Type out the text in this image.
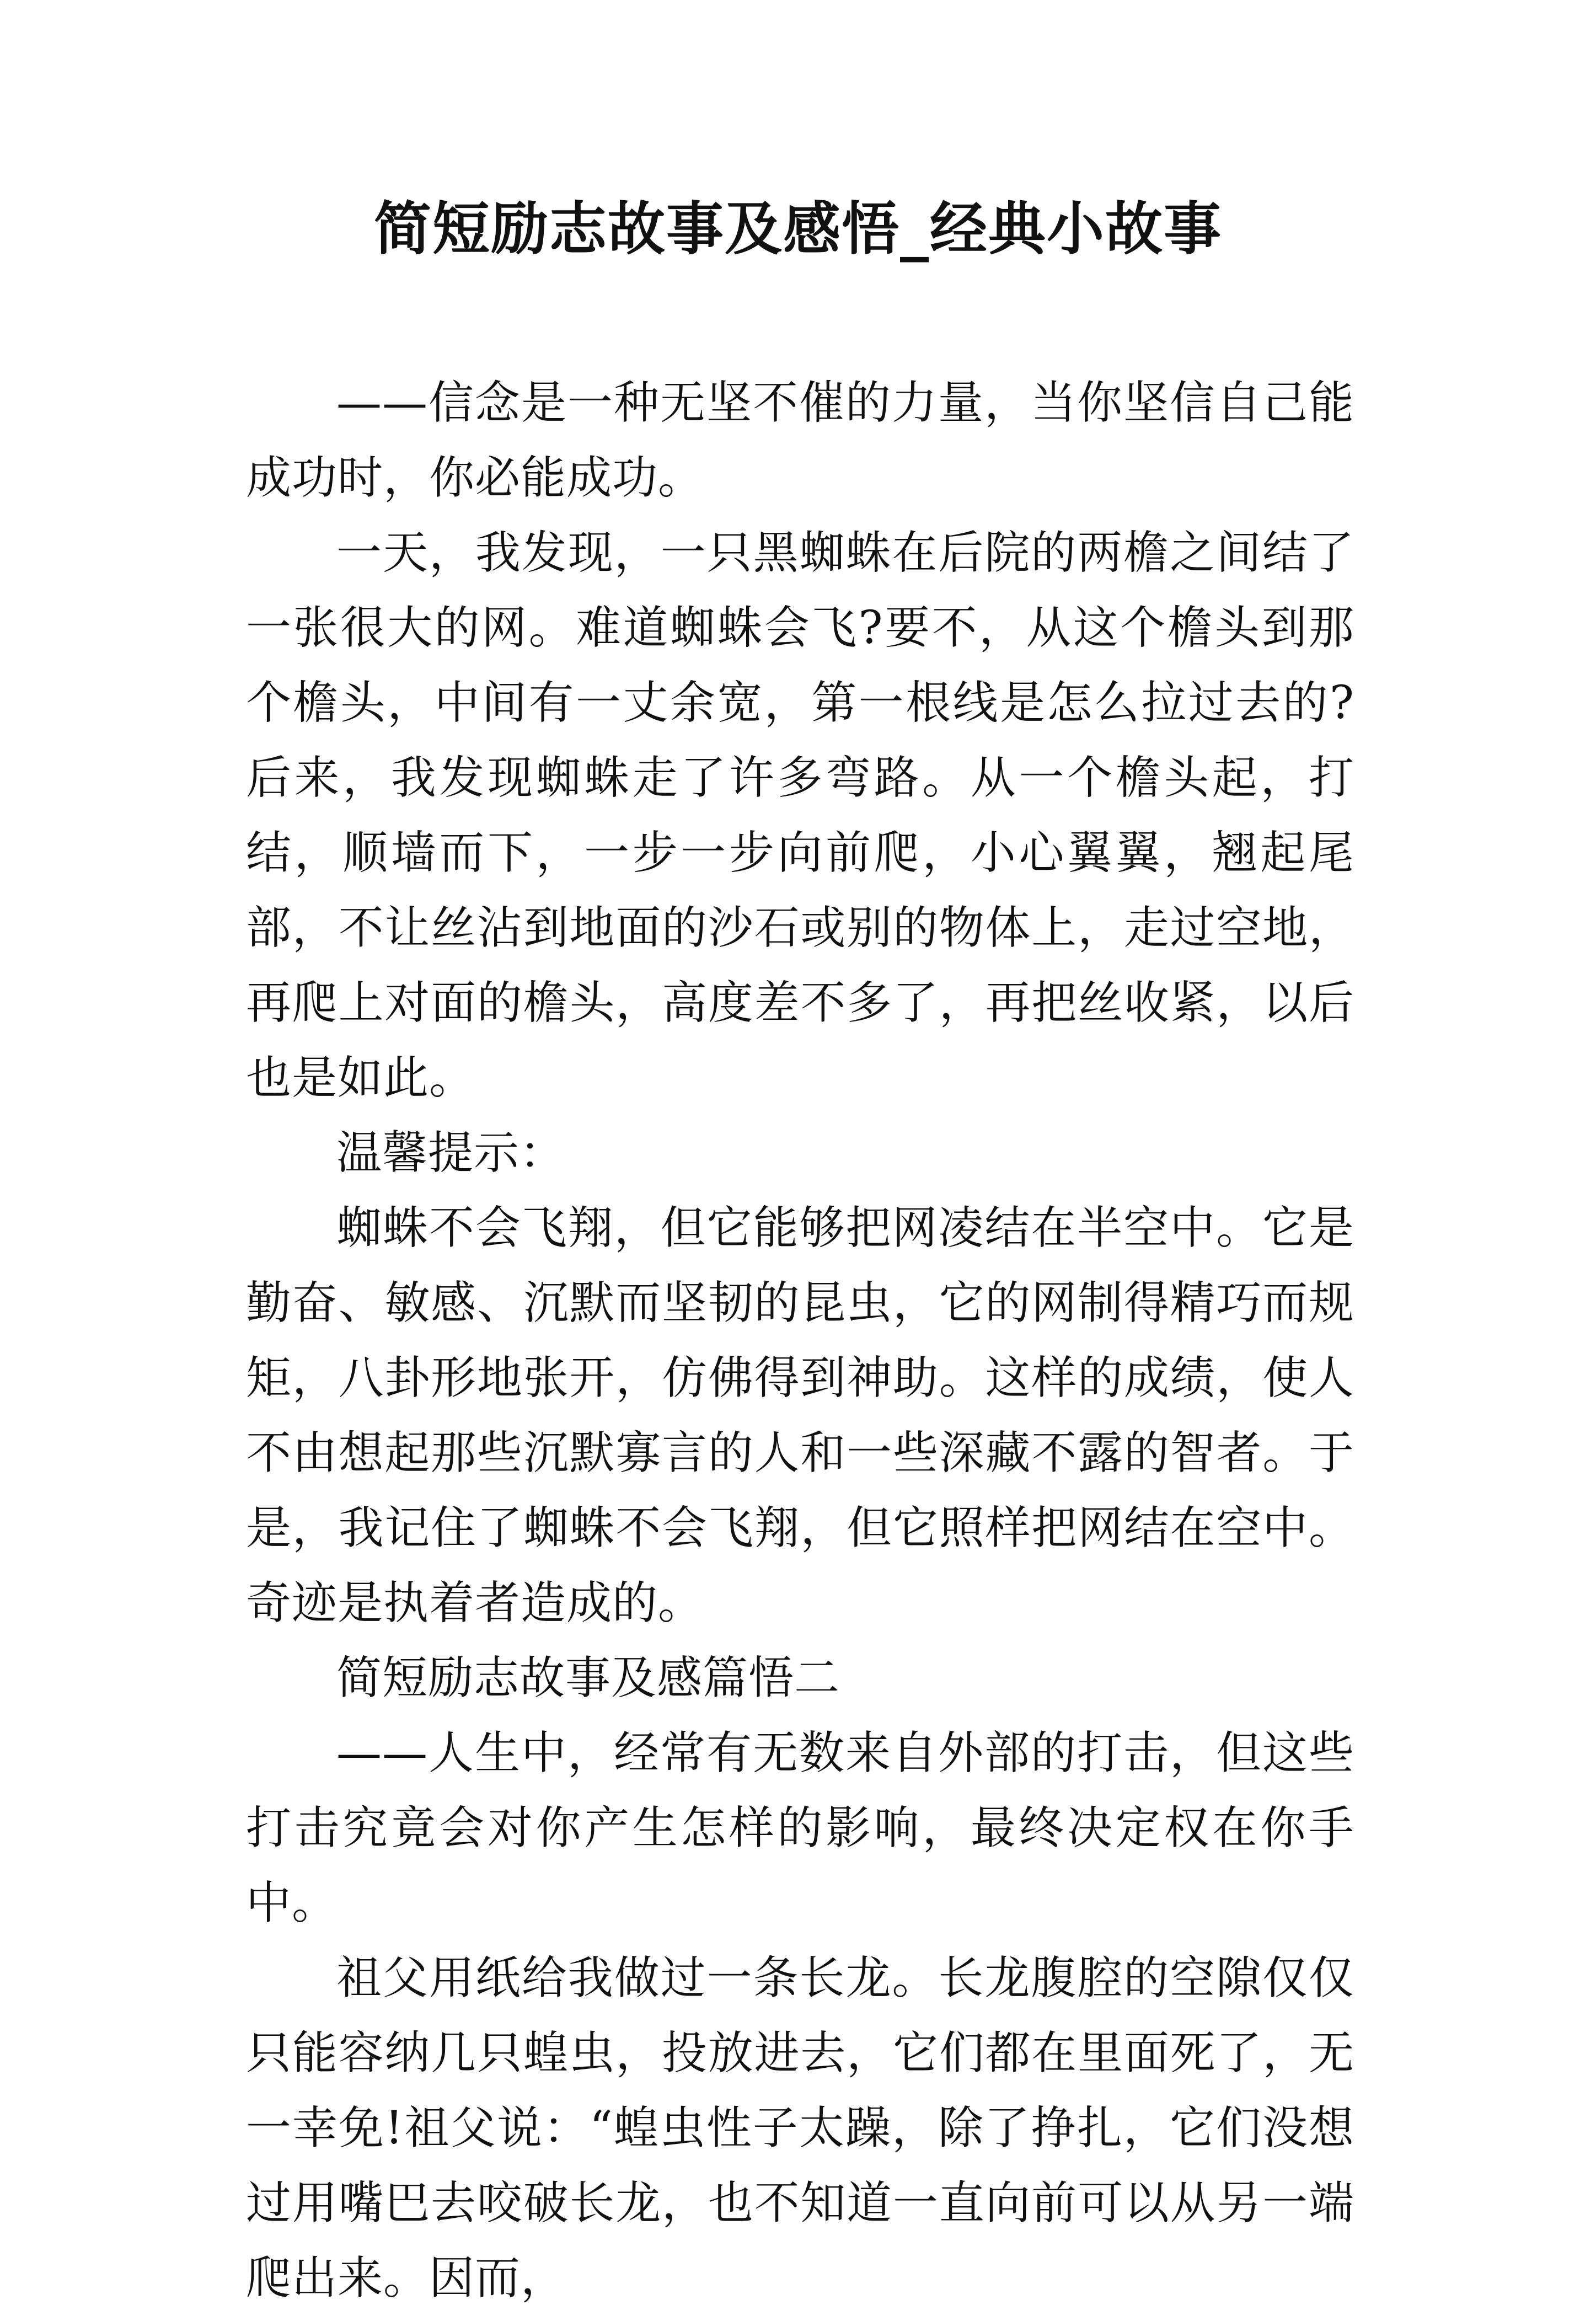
简短励志故事及感悟_经典小故事

——信念是一种无坚不催的力量，当你坚信自己能成功时，你必能成功。

一天，我发现，一只黑蜘蛛在后院的两檐之间结了一张很大的网。难道蜘蛛会飞?要不，从这个檐头到那个檐头，中间有一丈余宽，第一根线是怎么拉过去的?后来，我发现蜘蛛走了许多弯路。从一个檐头起，打结，顺墙而下，一步一步向前爬，小心翼翼，翘起尾部，不让丝沾到地面的沙石或别的物体上，走过空地，再爬上对面的檐头，高度差不多了，再把丝收紧，以后也是如此。

温馨提示：

蜘蛛不会飞翔，但它能够把网凌结在半空中。它是勤奋、敏感、沉默而坚韧的昆虫，它的网制得精巧而规矩，八卦形地张开，仿佛得到神助。这样的成绩，使人不由想起那些沉默寡言的人和一些深藏不露的智者。于是，我记住了蜘蛛不会飞翔，但它照样把网结在空中。奇迹是执着者造成的。

简短励志故事及感篇悟二

——人生中，经常有无数来自外部的打击，但这些打击究竟会对你产生怎样的影响，最终决定权在你手中。

祖父用纸给我做过一条长龙。长龙腹腔的空隙仅仅只能容纳几只蝗虫，投放进去，它们都在里面死了，无一幸免!祖父说：“蝗虫性子太躁，除了挣扎，它们没想过用嘴巴去咬破长龙，也不知道一直向前可以从另一端爬出来。因而，
